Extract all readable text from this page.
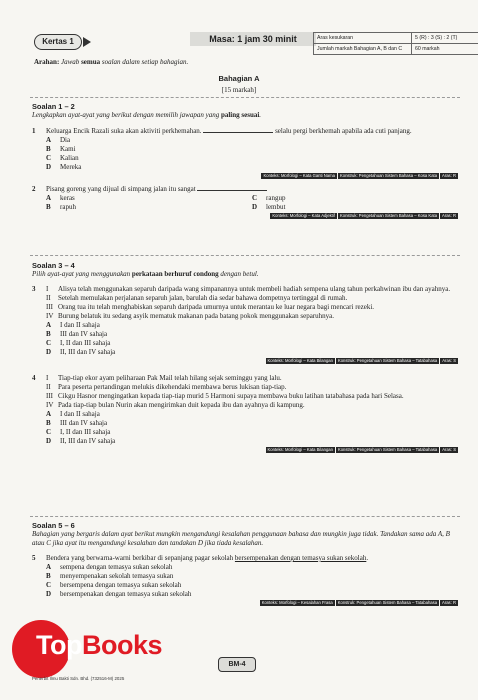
Kertas 1	Masa: 1 jam 30 minit	Aras kesukaran	5 (R) : 3 (S) : 2 (T)
Jumlah markah Bahagian A, B dan C	60 markah
Arahan: Jawab semua soalan dalam setiap bahagian.
Bahagian A
[15 markah]
Soalan 1 – 2
Lengkapkan ayat-ayat yang berikut dengan memilih jawapan yang paling sesuai.
1	Keluarga Encik Razali suka akan aktiviti perkhemahan.	selalu pergi berkhemah apabila ada cuti panjang.
A	Dia
B	Kami
C	Kalian
D	Mereka
Konteks: Morfologi – Kata Ganti Nama	Konstruk: Pengetahuan Sistem Bahasa – Kosa Kata	Aras: R
2	Pisang goreng yang dijual di simpang jalan itu sangat
A	keras	C	rangup
B	rapuh	D	lembut
Konteks: Morfologi – Kata Adjektif	Konstruk: Pengetahuan Sistem Bahasa – Kosa Kata	Aras: R
Soalan 3 – 4
Pilih ayat-ayat yang menggunakan perkataan berhuruf condong dengan betul.
3	I	Alisya telah menggunakan separuh daripada wang simpanannya untuk membeli hadiah sempena ulang tahun perkahwinan ibu dan ayahnya.
II	Setelah memulakan perjalanan separuh jalan, barulah dia sedar bahawa dompetnya tertinggal di rumah.
III Orang tua itu telah menghabiskan separuh daripada umurnya untuk merantau ke luar negara bagi mencari rezeki.
IV Burung belatuk itu sedang asyik mematuk makanan pada batang pokok menggunakan separuhnya.
A	I dan II sahaja
B	III dan IV sahaja
C	I, II dan III sahaja
D	II, III dan IV sahaja
Konteks: Morfologi – Kata Bilangan	Konstruk: Pengetahuan Sistem Bahasa – Tatabahasa	Aras: S
4	I	Tiap-tiap ekor ayam peliharaan Pak Mail telah hilang sejak seminggu yang lalu.
II	Para peserta pertandingan melukis dikehendaki membawa berus lukisan tiap-tiap.
III Cikgu Hasnor mengingatkan kepada tiap-tiap murid 5 Harmoni supaya membawa buku latihan tatabahasa pada hari Selasa.
IV Pada tiap-tiap bulan Nurin akan mengirimkan duit kepada ibu dan ayahnya di kampung.
A	I dan II sahaja
B	III dan IV sahaja
C	I, II dan III sahaja
D	II, III dan IV sahaja
Konteks: Morfologi – Kata Bilangan	Konstruk: Pengetahuan Sistem Bahasa – Tatabahasa	Aras: S
Soalan 5 – 6
Bahagian yang bergaris dalam ayat berikut mungkin mengandungi kesalahan penggunaan bahasa dan mungkin juga tidak. Tandakan sama ada A, B atau C jika ayat itu mengandungi kesalahan dan tandakan D jika tiada kesalahan.
5	Bendera yang berwarna-warni berkibar di sepanjang pagar sekolah bersempenakan dengan temasya sukan sekolah.
A	sempena dengan temasya sukan sekolah
B	menyempenakan sekolah temasya sukan
C	bersempena dengan temasya sukan sekolah
D	bersempenakan dengan temasya sukan sekolah
Konteks: Morfologi – Kesalahan Frasa	Konstruk: Pengetahuan Sistem Bahasa – Tatabahasa	Aras: R
TopBooks
Penerbit Ilmu Bakti Sdn. Bhd. (732516-M) 2025
BM-4
